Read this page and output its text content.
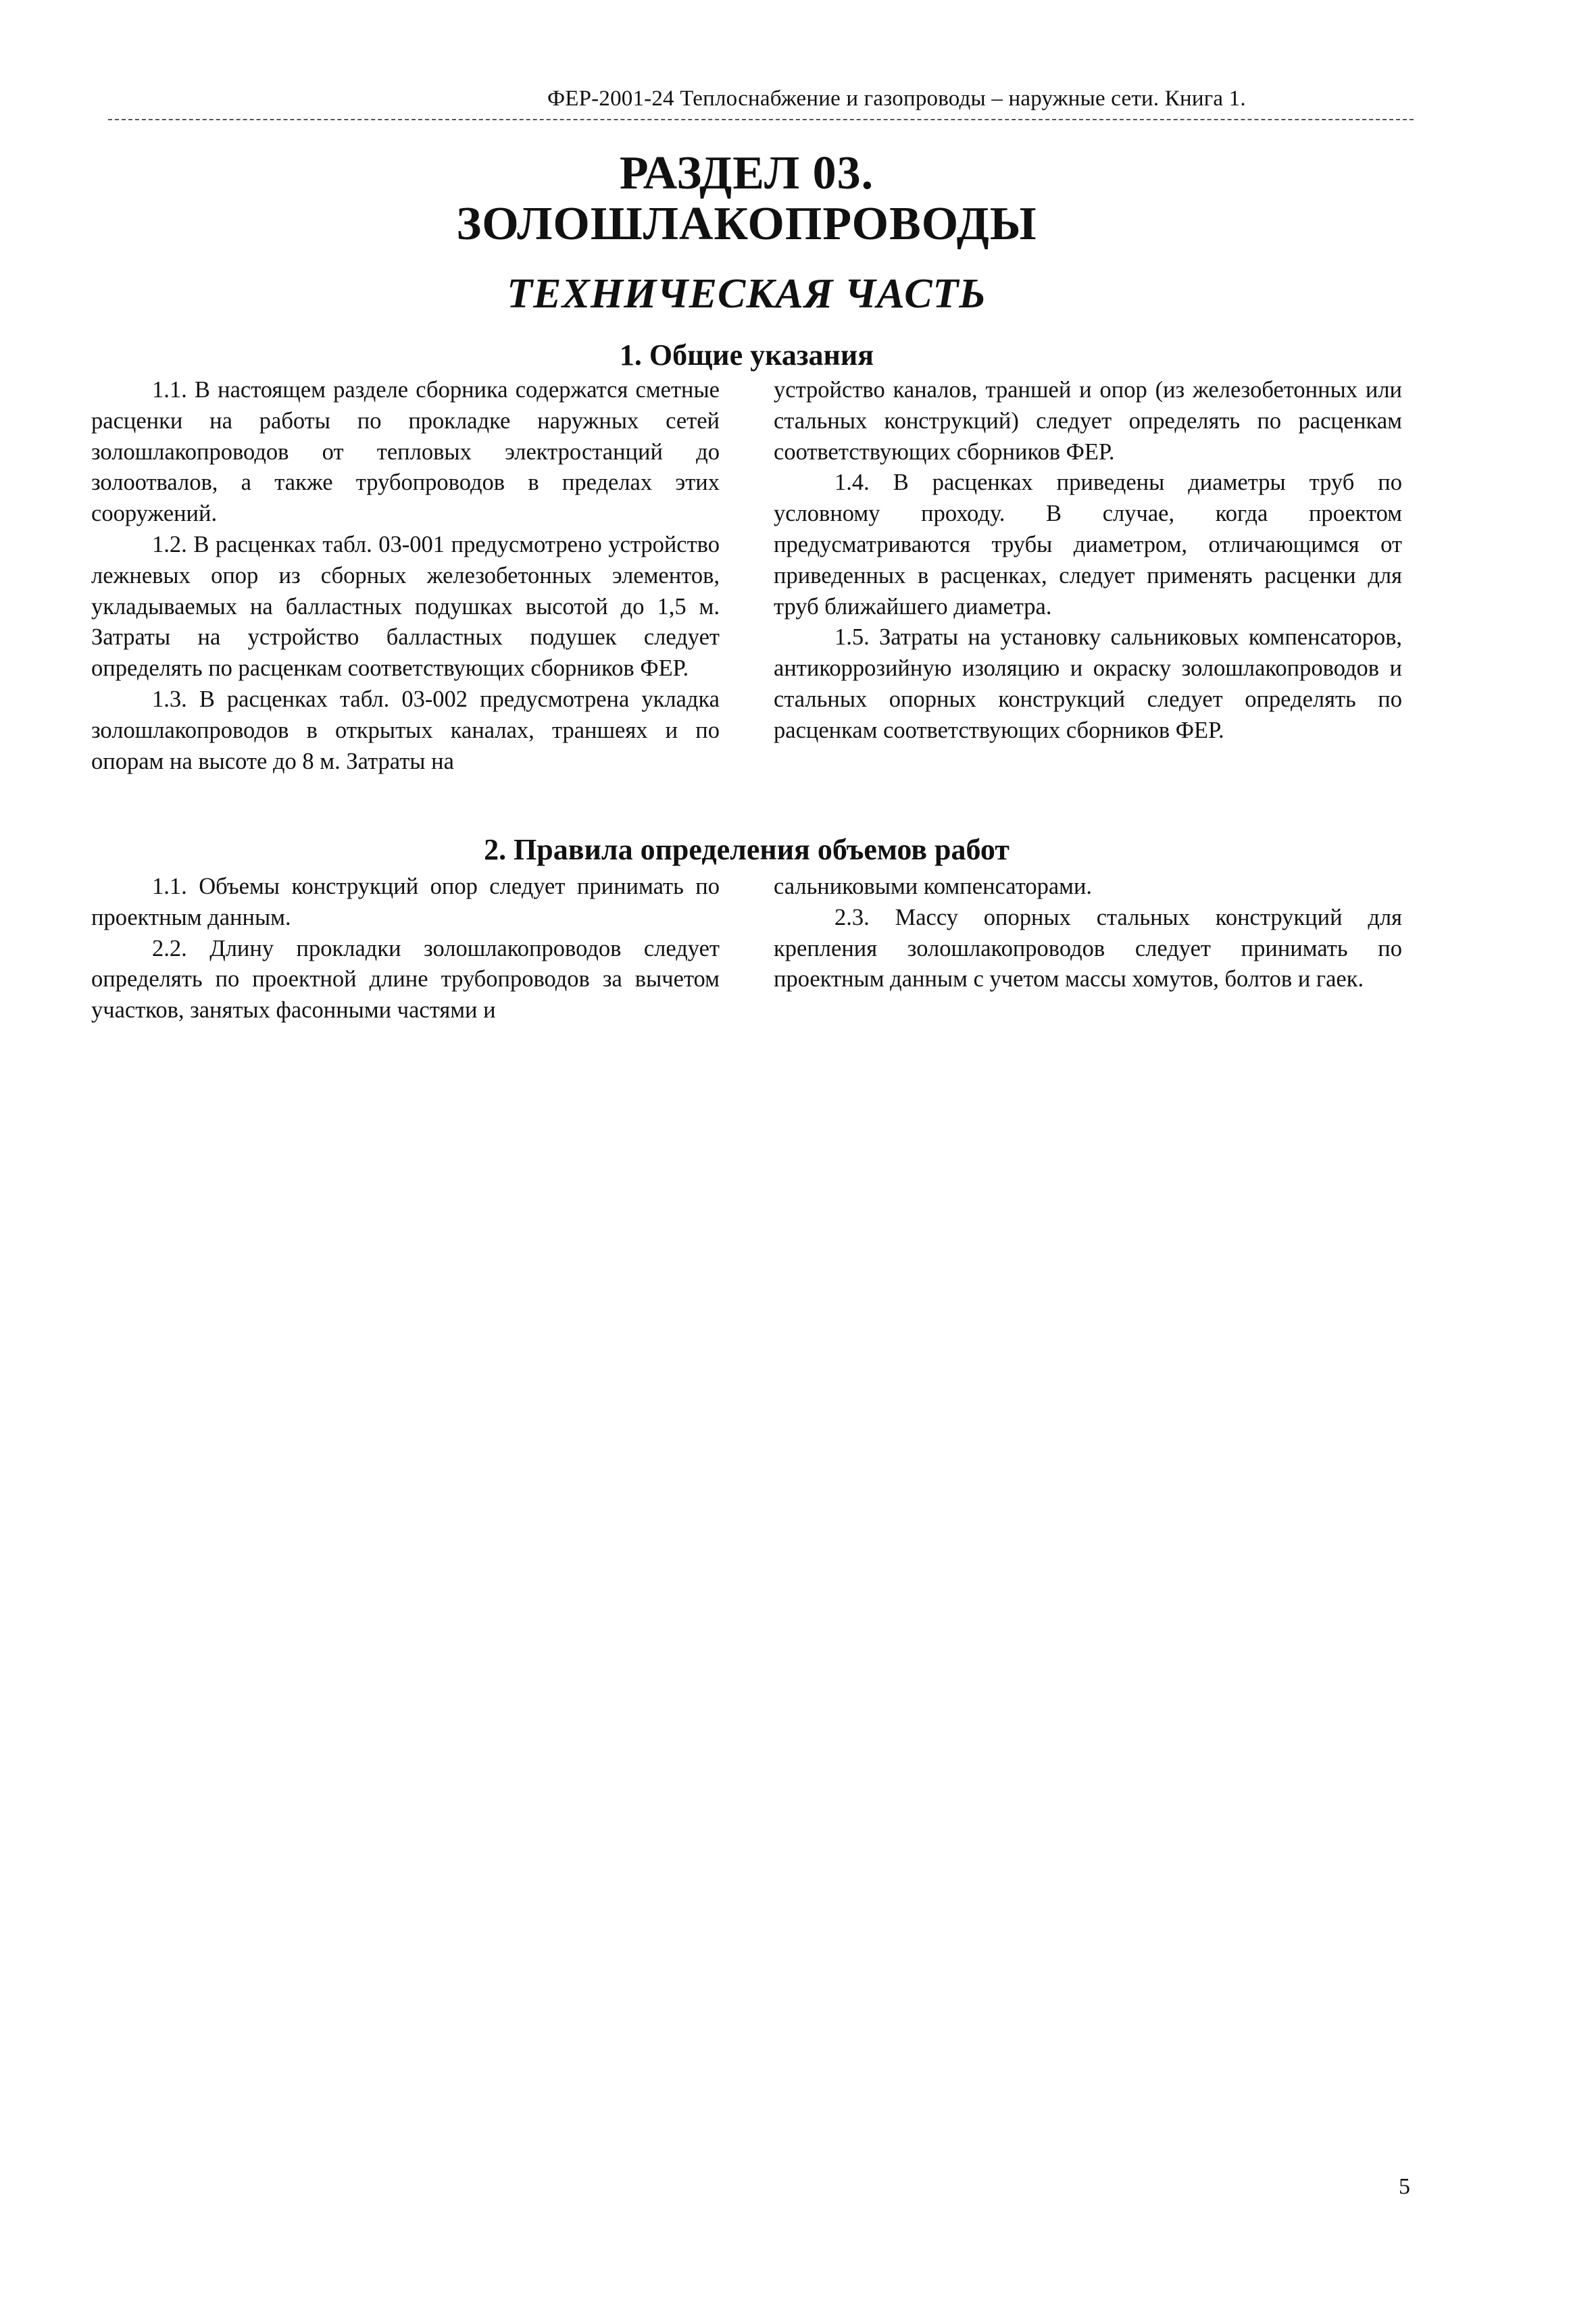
ФЕР-2001-24 Теплоснабжение и газопроводы – наружные сети. Книга 1.
РАЗДЕЛ 03.
ЗОЛОШЛАКОПРОВОДЫ
ТЕХНИЧЕСКАЯ ЧАСТЬ
1. Общие указания

1.1. В настоящем разделе сборника содержатся сметные расценки на работы по прокладке наружных сетей золошлакопроводов от тепловых электростанций до золоотвалов, а также трубопроводов в пределах этих сооружений.

1.2. В расценках табл. 03-001 предусмотрено устройство лежневых опор из сборных железобетонных элементов, укладываемых на балластных подушках высотой до 1,5 м. Затраты на устройство балластных подушек следует определять по расценкам соответствующих сборников ФЕР.

1.3. В расценках табл. 03-002 предусмотрена укладка золошлакопроводов в открытых каналах, траншеях и по опорам на высоте до 8 м. Затраты на

устройство каналов, траншей и опор (из железобетонных или стальных конструкций) следует определять по расценкам соответствующих сборников ФЕР.

1.4. В расценках приведены диаметры труб по условному проходу. В случае, когда проектом предусматриваются трубы диаметром, отличающимся от приведенных в расценках, следует применять расценки для труб ближайшего диаметра.

1.5. Затраты на установку сальниковых компенсаторов, антикоррозийную изоляцию и окраску золошлакопроводов и стальных опорных конструкций следует определять по расценкам соответствующих сборников ФЕР.

2. Правила определения объемов работ

1.1. Объемы конструкций опор следует принимать по проектным данным.

2.2. Длину прокладки золошлакопроводов следует определять по проектной длине трубопроводов за вычетом участков, занятых фасонными частями и

сальниковыми компенсаторами.

2.3. Массу опорных стальных конструкций для крепления золошлакопроводов следует принимать по проектным данным с учетом массы хомутов, болтов и гаек.

5
